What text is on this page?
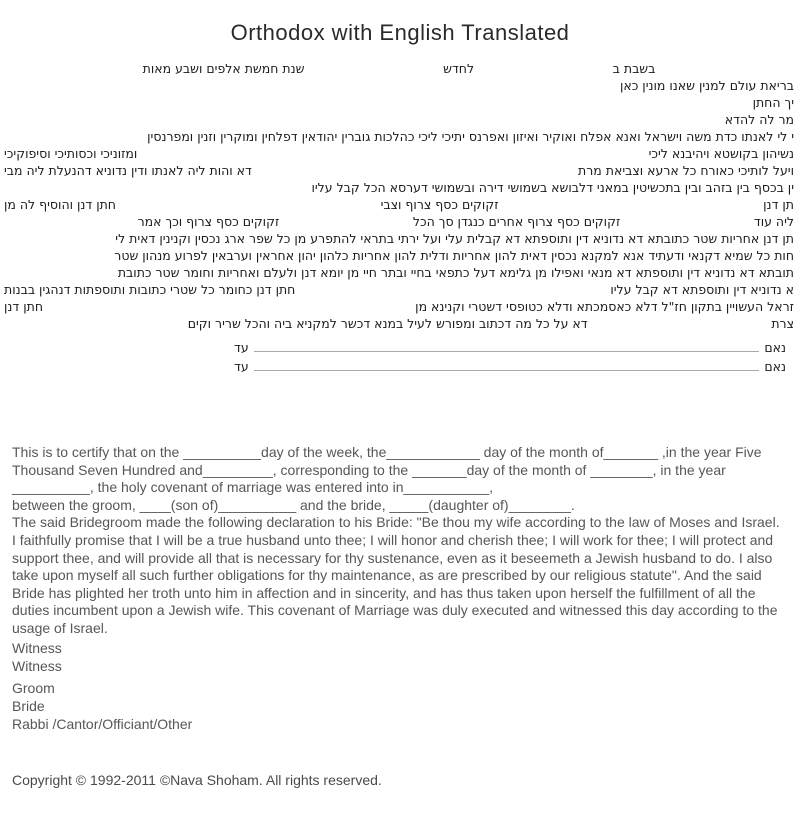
Orthodox with English Translated
בשבת ב
לחדש
שנת חמשת אלפים ושבע מאות
בריאת עולם למנין שאנו מונין כאן
יך החתן
מר לה להדא
י לי לאנתו כדת משה וישראל ואנא אפלח ואוקיר ואיזון ואפרנס יתיכי ליכי כהלכות גוברין יהודאין דפלחין ומוקרין וזנין ומפרנסין
נשיהון בקושטא ויהיבנא ליכי
ומזוניכי וכסותיכי וסיפוקיכי
ויעל לותיכי כאורח כל ארעא וצביאת מרת
דא והות ליה לאנתו ודין נדוניא דהנעלת ליה מבי
ין בכסף בין בזהב ובין בתכשיטין במאני דלבושא בשמושי דירה ובשמושי דערסא הכל קבל עליו
תן דנן
זקוקים כסף צרוף וצבי
חתן דנן והוסיף לה מן
ליה עוד
זקוקים כסף צרוף אחרים כנגדן סך הכל
זקוקים כסף צרוף וכך אמר
תן דנן אחריות שטר כתובתא דא נדוניא דין ותוספתא דא קבלית עלי ועל ירתי בתראי להתפרע מן כל שפר ארג נכסין וקנינין דאית לי
חות כל שמיא דקנאי ודעתיד אנא למקנא נכסין דאית להון אחריות ודלית להון אחריות כלהון יהון אחראין וערבאין לפרוע מנהון שטר
תובתא דא נדוניא דין ותוספתא דא מנאי ואפילו מן גלימא דעל כתפאי בחיי ובתר חיי מן יומא דנן ולעלם ואחריות וחומר שטר כתובת
א נדוניא דין ותוספתא דא קבל עליו
חתן דנן כחומר כל שטרי כתובות ותוספתות דנהגין בבנות
זראל העשויין בתקון חז"ל דלא כאסמכתא ודלא כטופסי דשטרי וקנינא מן
חתן דנן
צרת
דא על כל מה דכתוב ומפורש לעיל במנא דכשר למקניא ביה והכל שריר וקים
נאם
עד
נאם
עד

This is to certify that on the __________day of the week, the____________ day of the month of_______ ,in the year Five Thousand Seven Hundred and_________, corresponding to the _______day of the month of ________, in the year __________, the holy covenant of marriage was entered into in___________,

between the groom, ____(son of)__________ and the bride, _____(daughter of)________.

The said Bridegroom made the following declaration to his Bride: "Be thou my wife according to the law of Moses and Israel. I faithfully promise that I will be a true husband unto thee; I will honor and cherish thee; I will work for thee; I will protect and support thee, and will provide all that is necessary for thy sustenance, even as it beseemeth a Jewish husband to do. I also take upon myself all such further obligations for thy maintenance, as are prescribed by our religious statute". And the said Bride has plighted her troth unto him in affection and in sincerity, and has thus taken upon herself the fulfillment of all the duties incumbent upon a Jewish wife. This covenant of Marriage was duly executed and witnessed this day according to the usage of Israel.

Witness
Witness
Groom
Bride
Rabbi /Cantor/Officiant/Other
Copyright © 1992-2011 ©Nava Shoham. All rights reserved.
